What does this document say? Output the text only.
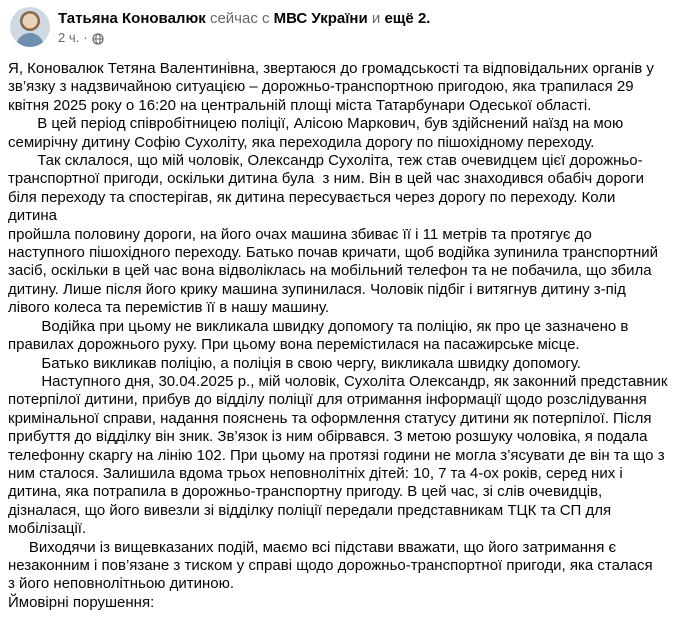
Татьяна Коновалюк сейчас с МВС України и ещё 2.
2 ч. ·

Я, Коновалюк Тетяна Валентинівна, звертаюся до громадськості та відповідальних органів у
зв’язку з надзвичайною ситуацією – дорожньо-транспортною пригодою, яка трапилася 29
квітня 2025 року о 16:20 на центральній площі міста Татарбунари Одеської області.

В цей період співробітницею поліції, Алісою Маркович, був здійснений наїзд на мою
семирічну дитину Софію Сухоліту, яка переходила дорогу по пішохідному переходу.

Так склалося, що мій чоловік, Олександр Сухоліта, теж став очевидцем цієї дорожньо-
транспортної пригоди, оскільки дитина була  з ним. Він в цей час знаходився обабіч дороги
біля переходу та спостерігав, як дитина пересувається через дорогу по переходу. Коли дитина
пройшла половину дороги, на його очах машина збиває її і 11 метрів та протягує до
наступного пішохідного переходу. Батько почав кричати, щоб водійка зупинила транспортний
засіб, оскільки в цей час вона відволіклась на мобільний телефон та не побачила, що збила
дитину. Лише після його крику машина зупинилася. Чоловік підбіг і витягнув дитину з-під
лівого колеса та перемістив її в нашу машину.

Водійка при цьому не викликала швидку допомогу та поліцію, як про це зазначено в
правилах дорожнього руху. При цьому вона перемістилася на пасажирське місце.

Батько викликав поліцію, а поліція в свою чергу, викликала швидку допомогу.

Наступного дня, 30.04.2025 р., мій чоловік, Сухоліта Олександр, як законний представник
потерпілої дитини, прибув до відділу поліції для отримання інформації щодо розслідування
кримінальної справи, надання пояснень та оформлення статусу дитини як потерпілої. Після
прибуття до відділку він зник. Зв’язок із ним обірвався. З метою розшуку чоловіка, я подала
телефонну скаргу на лінію 102. При цьому на протязі години не могла з’ясувати де він та що з
ним сталося. Залишила вдома трьох неповнолітніх дітей: 10, 7 та 4-ох років, серед них і
дитина, яка потрапила в дорожньо-транспортну пригоду. В цей час, зі слів очевидців,
дізналася, що його вивезли зі відділку поліції передали представникам ТЦК та СП для
мобілізації.

Виходячи із вищевказаних подій, маємо всі підстави вважати, що його затримання є
незаконним і пов’язане з тиском у справі щодо дорожньо-транспортної пригоди, яка сталася
з його неповнолітньою дитиною.

Ймовірні порушення:
